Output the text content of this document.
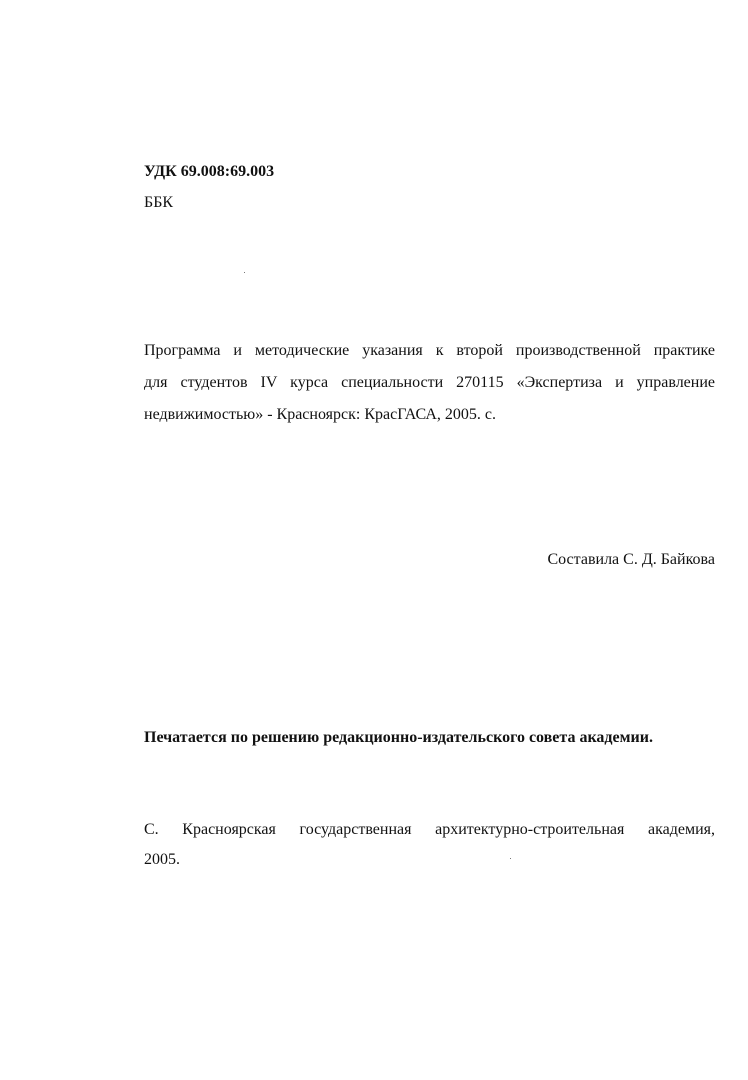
УДК 69.008:69.003
ББК
Программа и методические указания к второй производственной практике
для студентов IV курса специальности 270115 «Экспертиза и управление
недвижимостью» - Красноярск: КрасГАСА, 2005. с.
Составила С. Д. Байкова
Печатается по решению редакционно-издательского совета академии.
С. Красноярская государственная архитектурно-строительная академия,
2005.
